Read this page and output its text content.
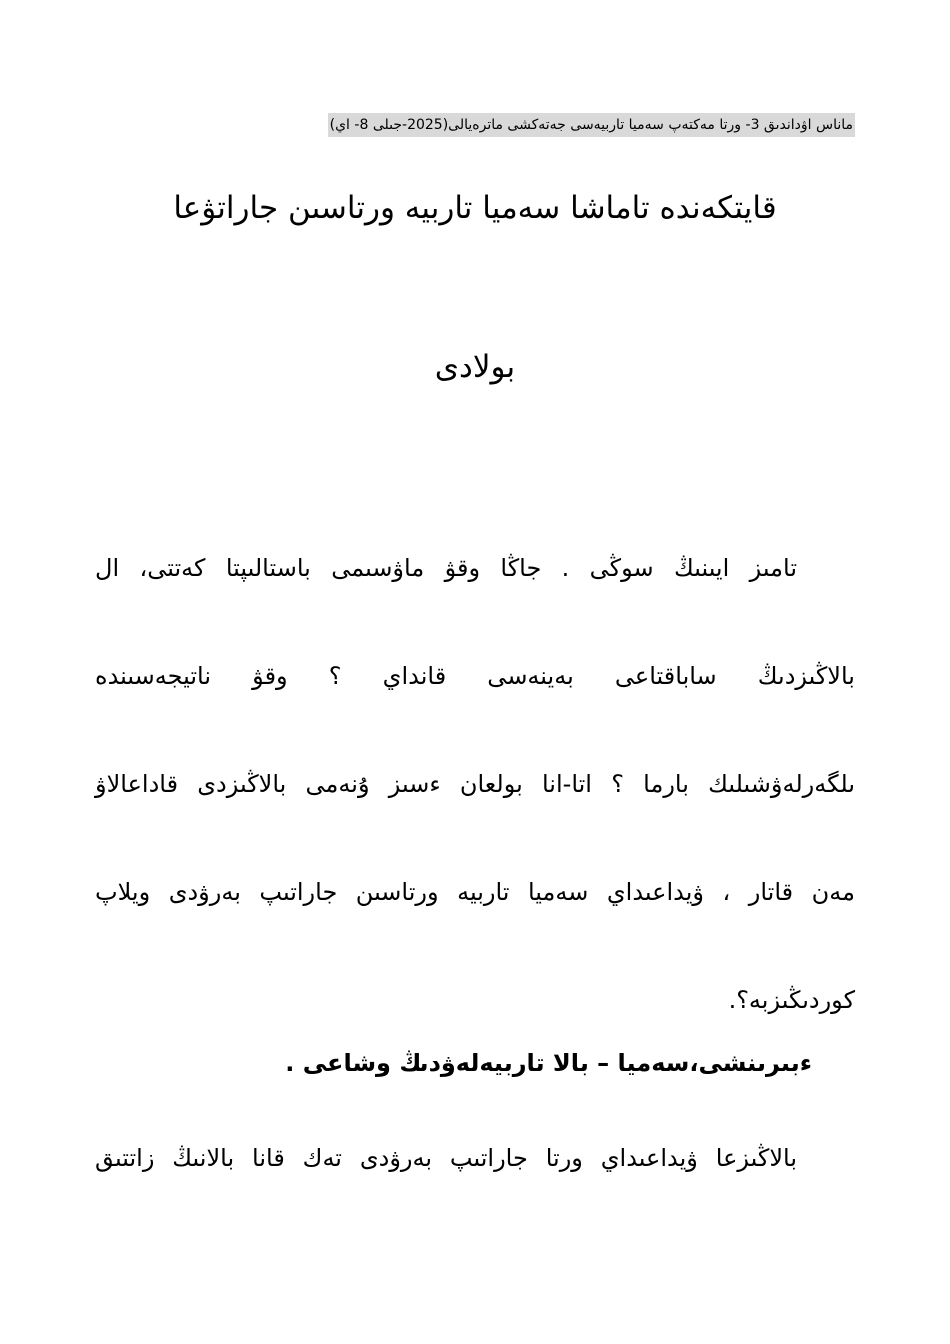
ماناس اۋداندىق 3- ورتا مەكتەپ سەميا تاربيەسى جەتەكشى ماترەيالى(2025-جىلى 8- اي)
قايتكەندە تاماشا سەميا تاربيە ورتاسىن جاراتۋعا
بولادى

تامىز ايىنىڭ سوڭى . جاڭا وقۋ ماۋسىمى باستالىپتا كەتتى، ال
بالاڭىزدىڭ ساباقتاعى بەينەسى قانداي ؟ وقۋ ناتيجەسىندە
ىلگەرلەۋشىلىك بارما ؟ اتا-انا بولعان ءسىز ۇنەمى بالاڭىزدى قاداعالاۋ
مەن قاتار ، ۋيداعىداي سەميا تاربيە ورتاسىن جاراتىپ بەرۋدى ويلاپ
كوردىڭىزبە؟.

ءبىرىنشى،سەميا – بالا تاربيەلەۋدىڭ وشاعى .

بالاڭىزعا ۋيداعىداي ورتا جاراتىپ بەرۋدى تەك قانا بالانىڭ زاتتىق
